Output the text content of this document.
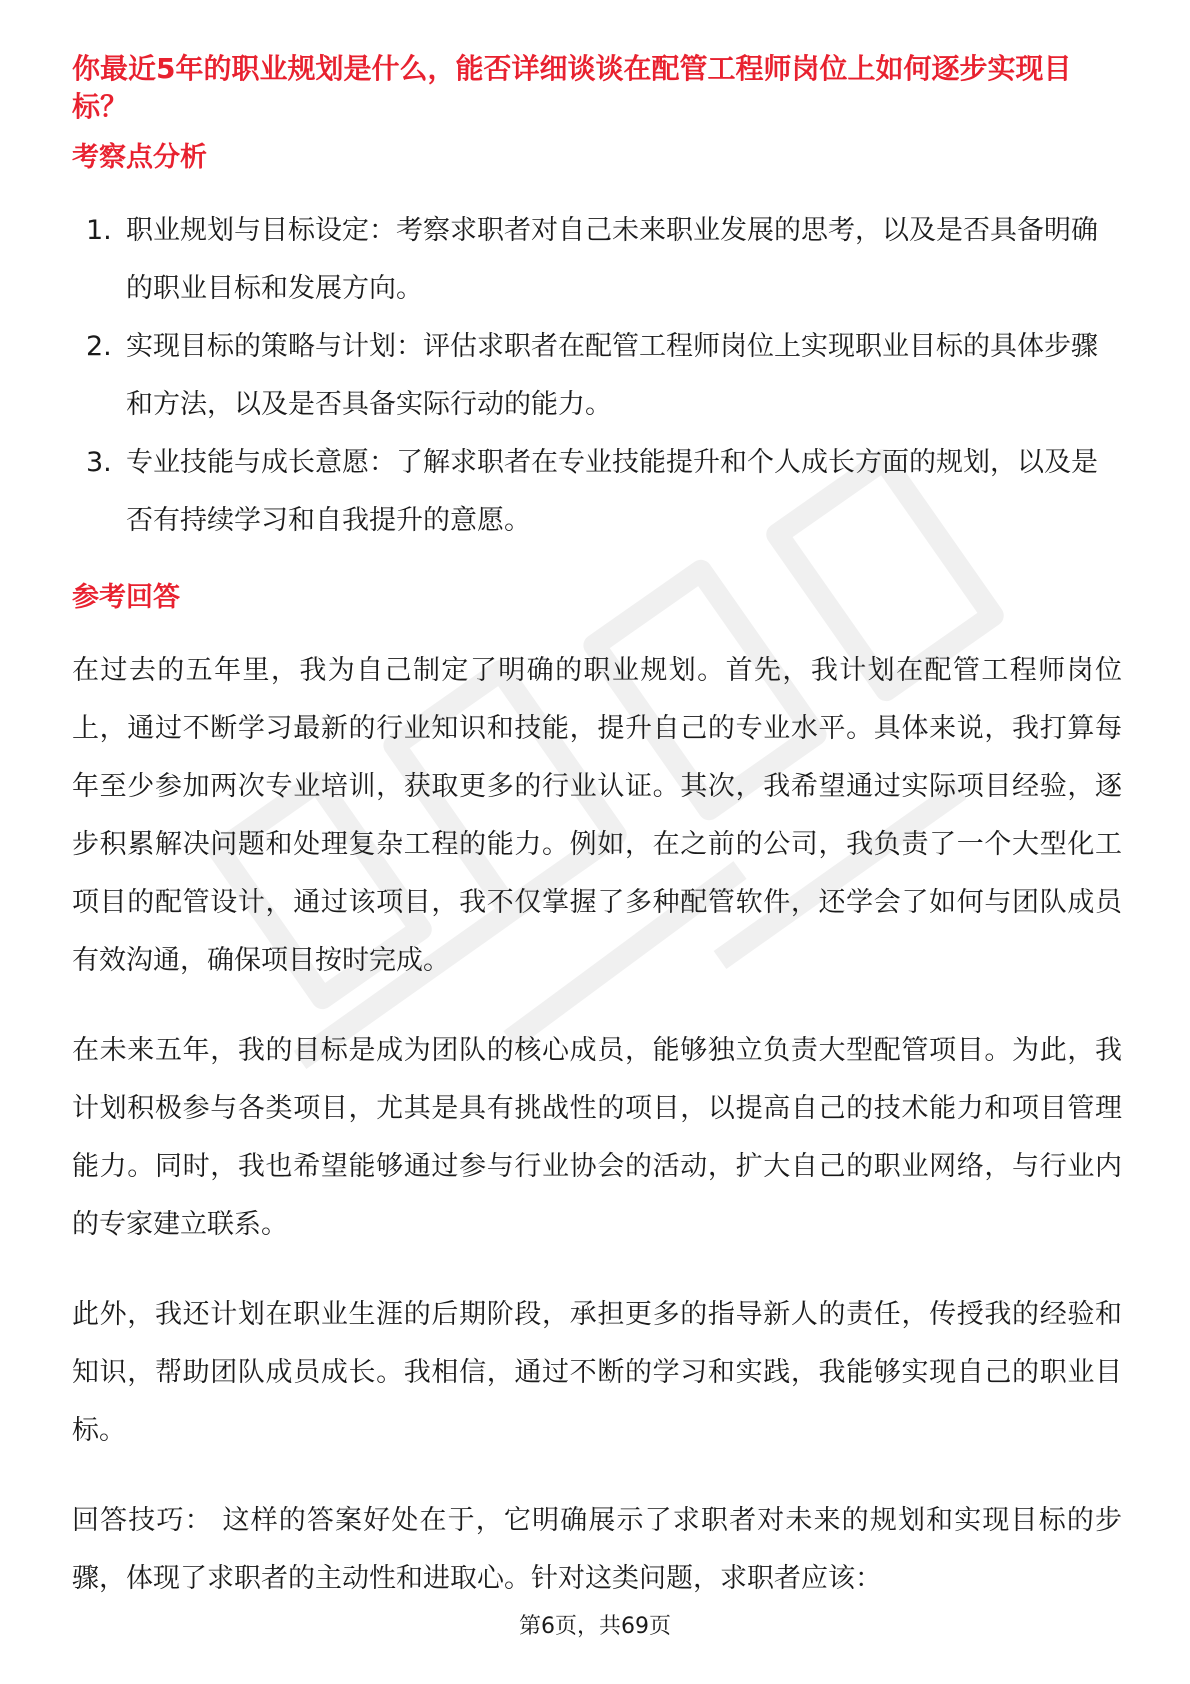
你最近5年的职业规划是什么，能否详细谈谈在配管工程师岗位上如何逐步实现目标？
考察点分析
1. 职业规划与目标设定：考察求职者对自己未来职业发展的思考，以及是否具备明确的职业目标和发展方向。
2. 实现目标的策略与计划：评估求职者在配管工程师岗位上实现职业目标的具体步骤和方法，以及是否具备实际行动的能力。
3. 专业技能与成长意愿：了解求职者在专业技能提升和个人成长方面的规划，以及是否有持续学习和自我提升的意愿。
参考回答

在过去的五年里，我为自己制定了明确的职业规划。首先，我计划在配管工程师岗位上，通过不断学习最新的行业知识和技能，提升自己的专业水平。具体来说，我打算每年至少参加两次专业培训，获取更多的行业认证。其次，我希望通过实际项目经验，逐步积累解决问题和处理复杂工程的能力。例如，在之前的公司，我负责了一个大型化工项目的配管设计，通过该项目，我不仅掌握了多种配管软件，还学会了如何与团队成员有效沟通，确保项目按时完成。

在未来五年，我的目标是成为团队的核心成员，能够独立负责大型配管项目。为此，我计划积极参与各类项目，尤其是具有挑战性的项目，以提高自己的技术能力和项目管理能力。同时，我也希望能够通过参与行业协会的活动，扩大自己的职业网络，与行业内的专家建立联系。

此外，我还计划在职业生涯的后期阶段，承担更多的指导新人的责任，传授我的经验和知识，帮助团队成员成长。我相信，通过不断的学习和实践，我能够实现自己的职业目标。

回答技巧： 这样的答案好处在于，它明确展示了求职者对未来的规划和实现目标的步骤，体现了求职者的主动性和进取心。针对这类问题，求职者应该：

第6页，共69页
